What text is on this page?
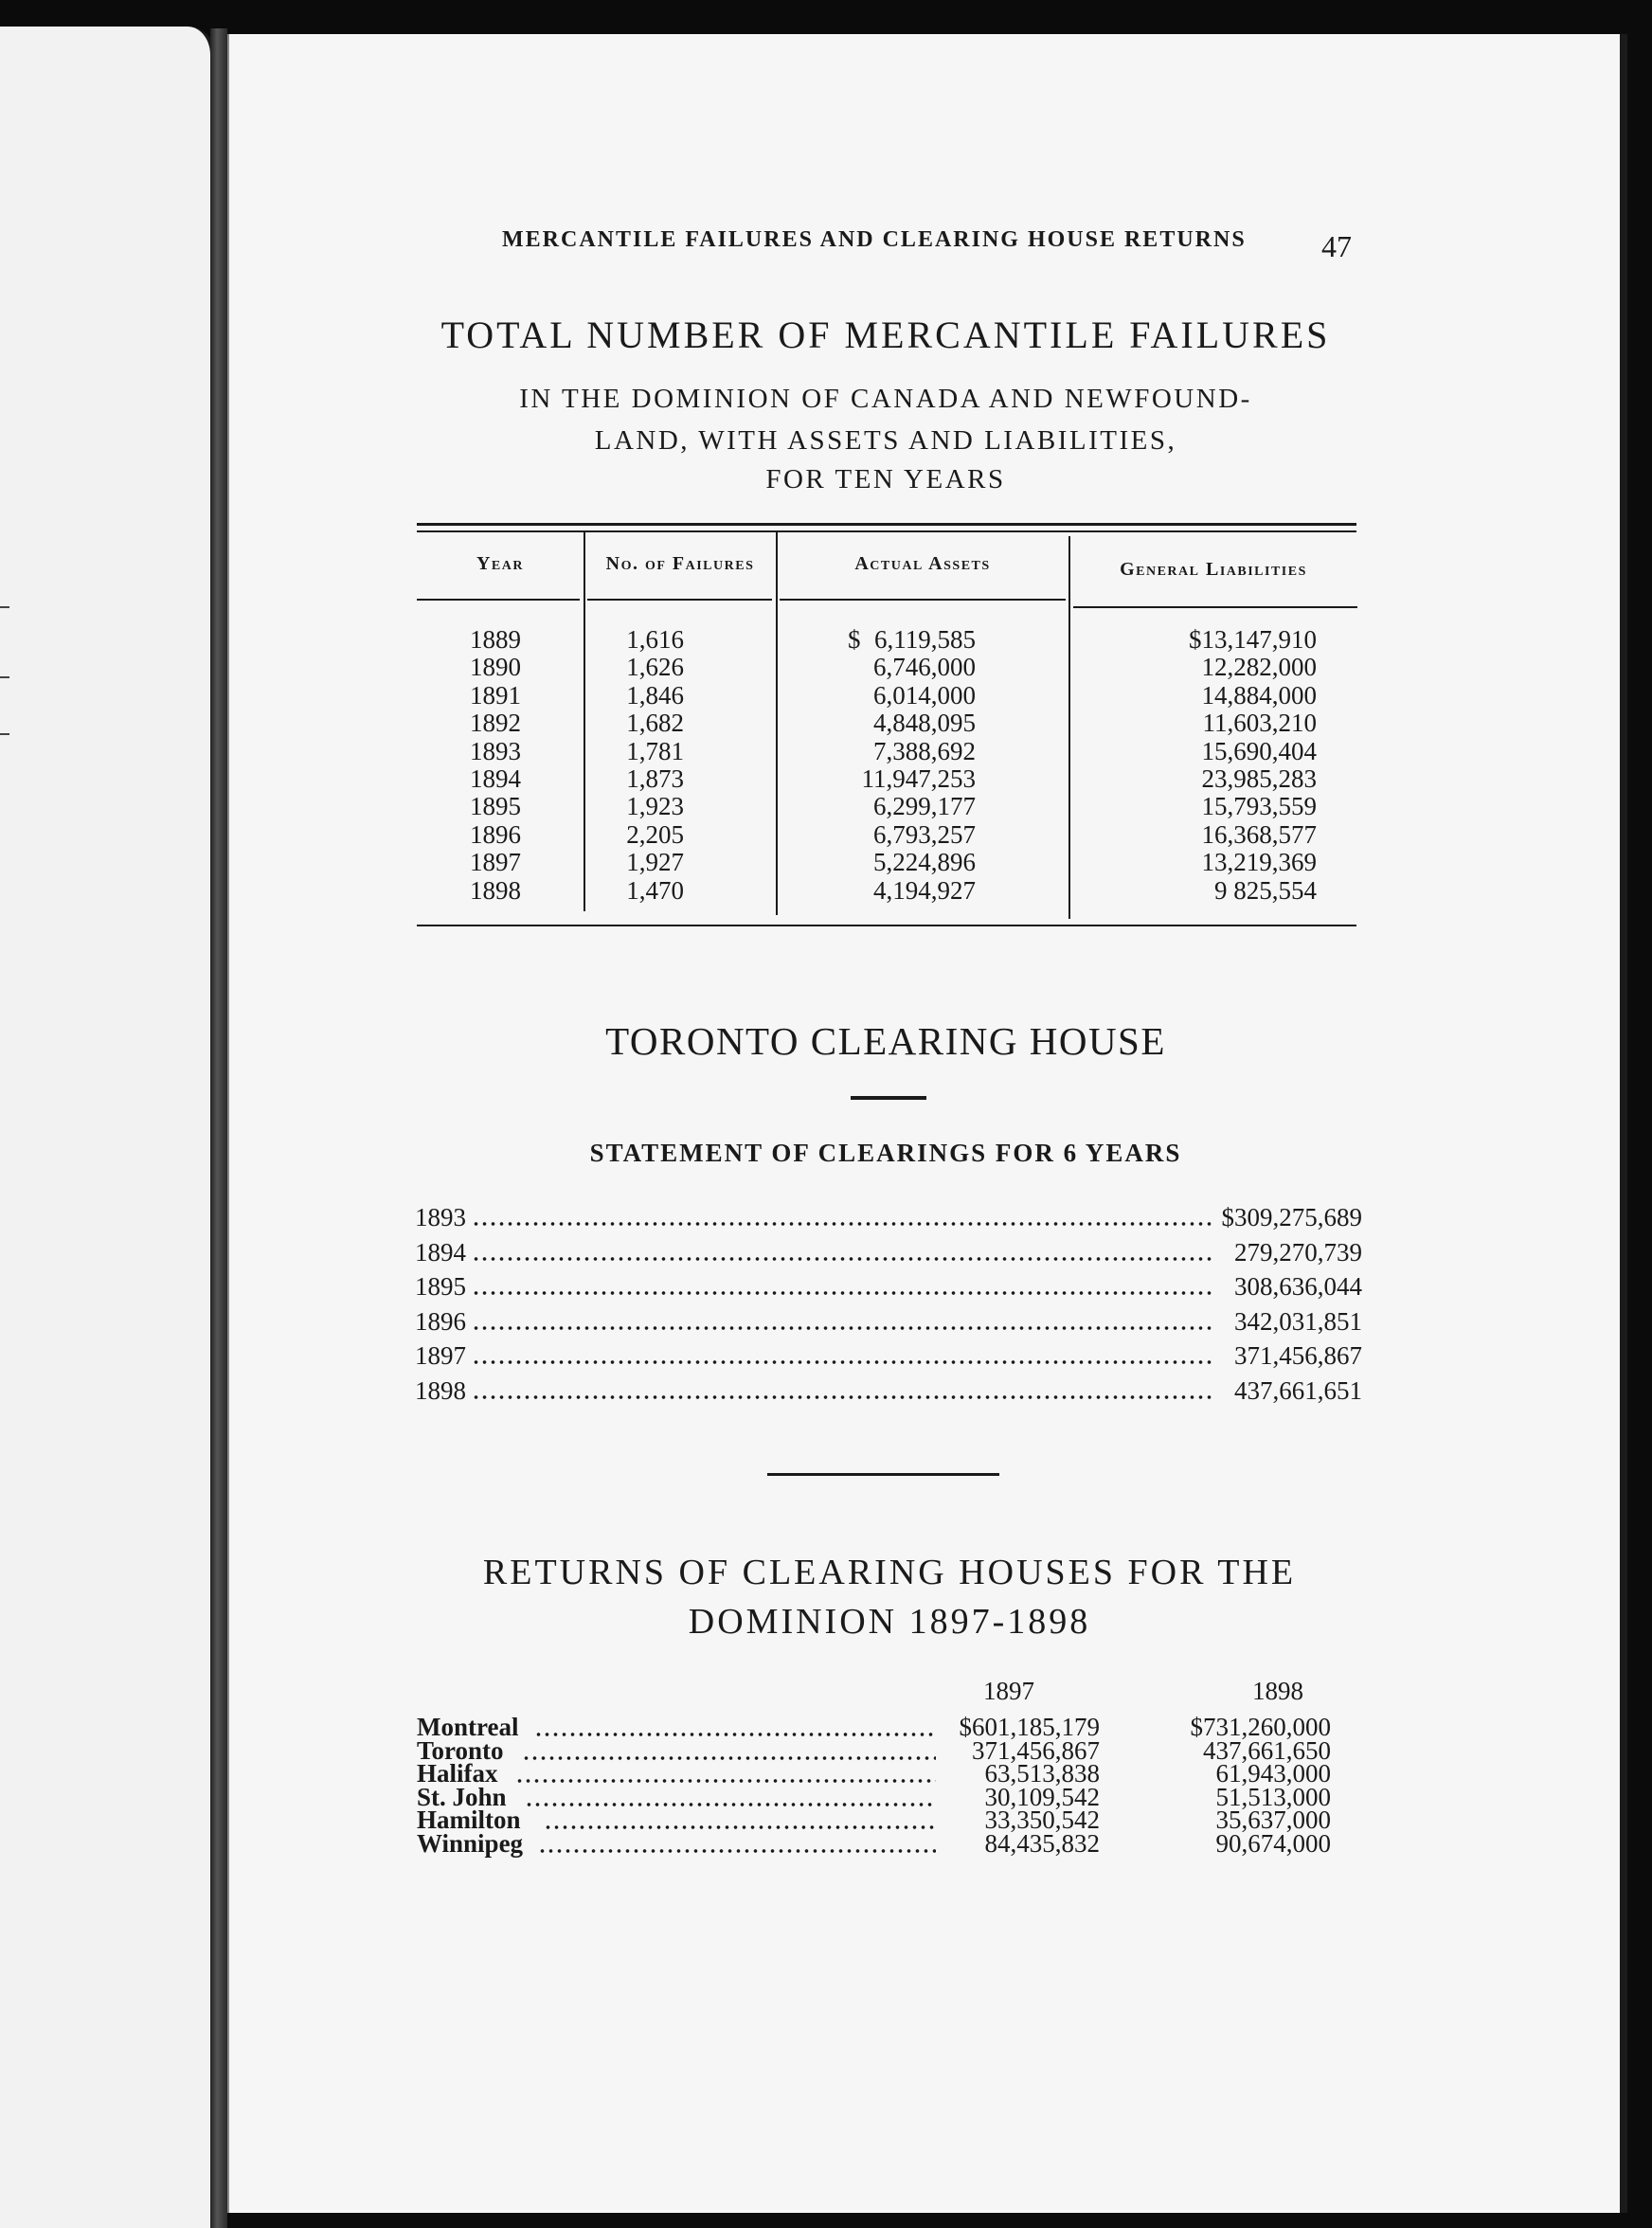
MERCANTILE FAILURES AND CLEARING HOUSE RETURNS	47
TOTAL NUMBER OF MERCANTILE FAILURES
IN THE DOMINION OF CANADA AND NEWFOUND-
LAND, WITH ASSETS AND LIABILITIES,
FOR TEN YEARS
Year	No. of Failures	Actual Assets	General Liabilities
1889	1,616	$ 6,119,585	$13,147,910
1890	1,626	6,746,000	12,282,000
1891	1,846	6,014,000	14,884,000
1892	1,682	4,848,095	11,603,210
1893	1,781	7,388,692	15,690,404
1894	1,873	11,947,253	23,985,283
1895	1,923	6,299,177	15,793,559
1896	2,205	6,793,257	16,368,577
1897	1,927	5,224,896	13,219,369
1898	1,470	4,194,927	9 825,554
TORONTO CLEARING HOUSE
STATEMENT OF CLEARINGS FOR 6 YEARS
1893	$309,275,689
1894	279,270,739
1895	308,636,044
1896	342,031,851
1897	371,456,867
1898	437,661,651
RETURNS OF CLEARING HOUSES FOR THE
DOMINION 1897-1898
1897	1898
Montreal	$601,185,179	$731,260,000
Toronto	371,456,867	437,661,650
Halifax	63,513,838	61,943,000
St. John	30,109,542	51,513,000
Hamilton	33,350,542	35,637,000
Winnipeg	84,435,832	90,674,000
